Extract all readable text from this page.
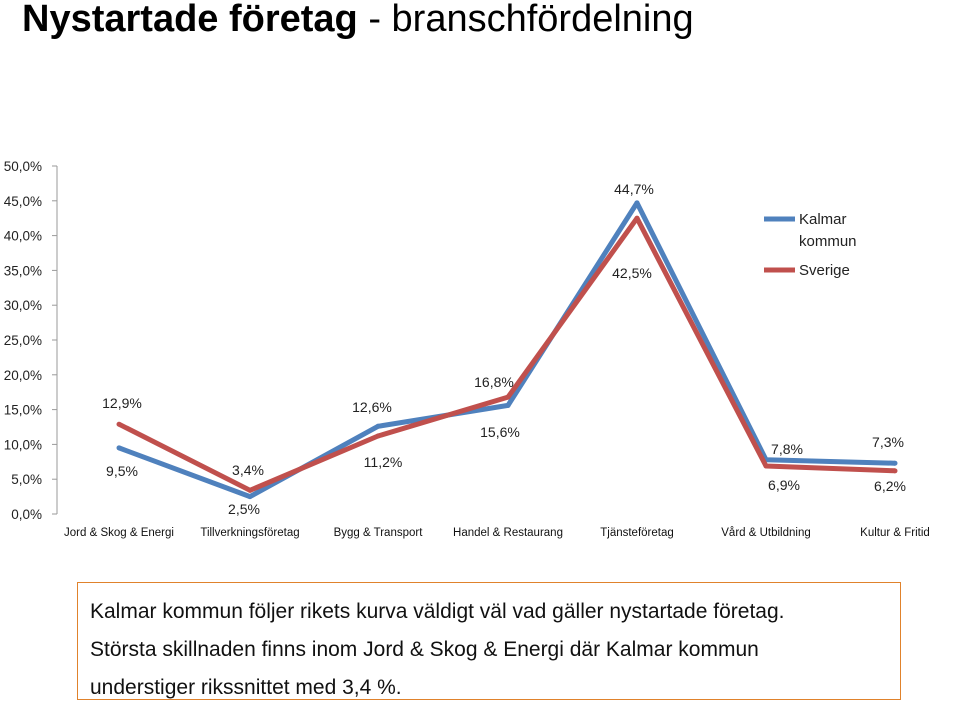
Nystartade företag - branschfördelning
0,0%
5,0%
10,0%
15,0%
20,0%
25,0%
30,0%
35,0%
40,0%
45,0%
50,0%
Jord & Skog & Energi Tillverkningsföretag	Bygg & Transport	Handel & Restaurang	Tjänsteföretag	Vård & Utbildning	Kultur & Fritid
9,5%
2,5%
12,6%
15,6%
44,7%
7,8%	7,3%
12,9%
3,4%	11,2%
16,8%
42,5%
6,9%	6,2%
Kalmar
kommun
Sverige

Kalmar kommun följer rikets kurva väldigt väl vad gäller nystartade företag.

Största skillnaden finns inom Jord & Skog & Energi där Kalmar kommun

understiger rikssnittet med 3,4 %.
